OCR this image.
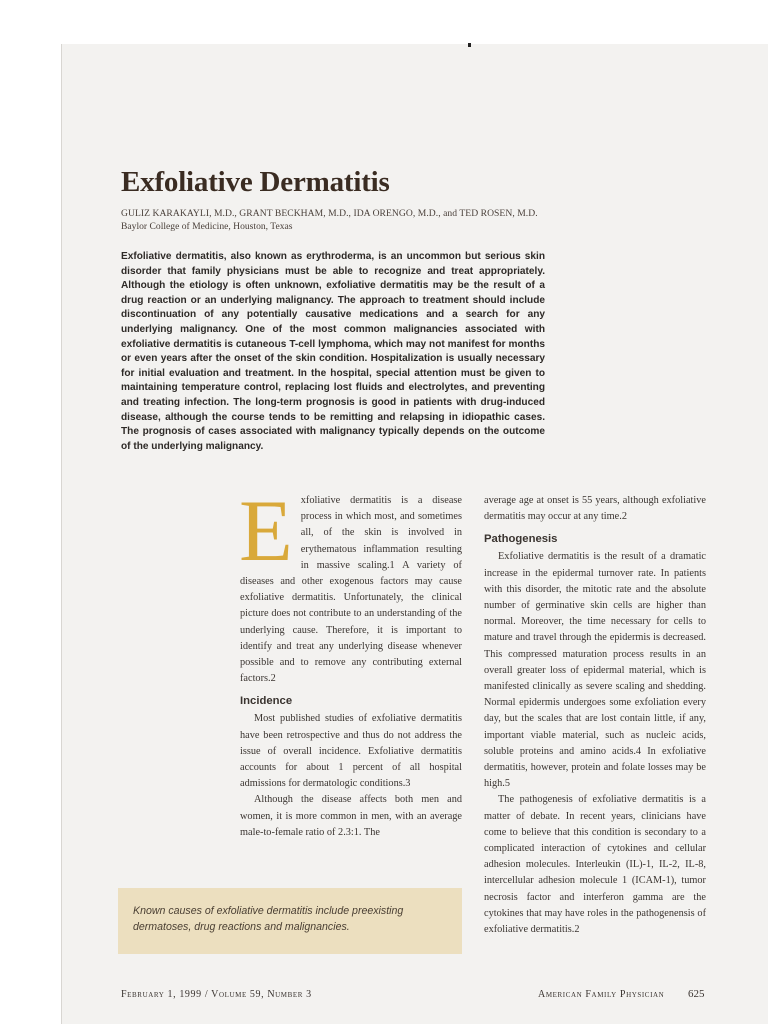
Exfoliative Dermatitis
GULIZ KARAKAYLI, M.D., GRANT BECKHAM, M.D., IDA ORENGO, M.D., and TED ROSEN, M.D.
Baylor College of Medicine, Houston, Texas
Exfoliative dermatitis, also known as erythroderma, is an uncommon but serious skin disorder that family physicians must be able to recognize and treat appropriately. Although the etiology is often unknown, exfoliative dermatitis may be the result of a drug reaction or an underlying malignancy. The approach to treatment should include discontinuation of any potentially causative medications and a search for any underlying malignancy. One of the most common malignancies associated with exfoliative dermatitis is cutaneous T-cell lymphoma, which may not manifest for months or even years after the onset of the skin condition. Hospitalization is usually necessary for initial evaluation and treatment. In the hospital, special attention must be given to maintaining temperature control, replacing lost fluids and electrolytes, and preventing and treating infection. The long-term prognosis is good in patients with drug-induced disease, although the course tends to be remitting and relapsing in idiopathic cases. The prognosis of cases associated with malignancy typically depends on the outcome of the underlying malignancy.

Exfoliative dermatitis is a disease process in which most, and sometimes all, of the skin is involved in erythematous inflammation resulting in massive scaling.1 A variety of diseases and other exogenous factors may cause exfoliative dermatitis. Unfortunately, the clinical picture does not contribute to an understanding of the underlying cause. Therefore, it is important to identify and treat any underlying disease whenever possible and to remove any contributing external factors.2

Incidence

Most published studies of exfoliative dermatitis have been retrospective and thus do not address the issue of overall incidence. Exfoliative dermatitis accounts for about 1 percent of all hospital admissions for dermatologic conditions.3

Although the disease affects both men and women, it is more common in men, with an average male-to-female ratio of 2.3:1. The

average age at onset is 55 years, although exfoliative dermatitis may occur at any time.2

Pathogenesis

Exfoliative dermatitis is the result of a dramatic increase in the epidermal turnover rate. In patients with this disorder, the mitotic rate and the absolute number of germinative skin cells are higher than normal. Moreover, the time necessary for cells to mature and travel through the epidermis is decreased. This compressed maturation process results in an overall greater loss of epidermal material, which is manifested clinically as severe scaling and shedding. Normal epidermis undergoes some exfoliation every day, but the scales that are lost contain little, if any, important viable material, such as nucleic acids, soluble proteins and amino acids.4 In exfoliative dermatitis, however, protein and folate losses may be high.5

The pathogenesis of exfoliative dermatitis is a matter of debate. In recent years, clinicians have come to believe that this condition is secondary to a complicated interaction of cytokines and cellular adhesion molecules. Interleukin (IL)-1, IL-2, IL-8, intercellular adhesion molecule 1 (ICAM-1), tumor necrosis factor and interferon gamma are the cytokines that may have roles in the pathogenensis of exfoliative dermatitis.2

Known causes of exfoliative dermatitis include preexisting dermatoses, drug reactions and malignancies.
February 1, 1999 / Volume 59, Number 3	American Family Physician 625
